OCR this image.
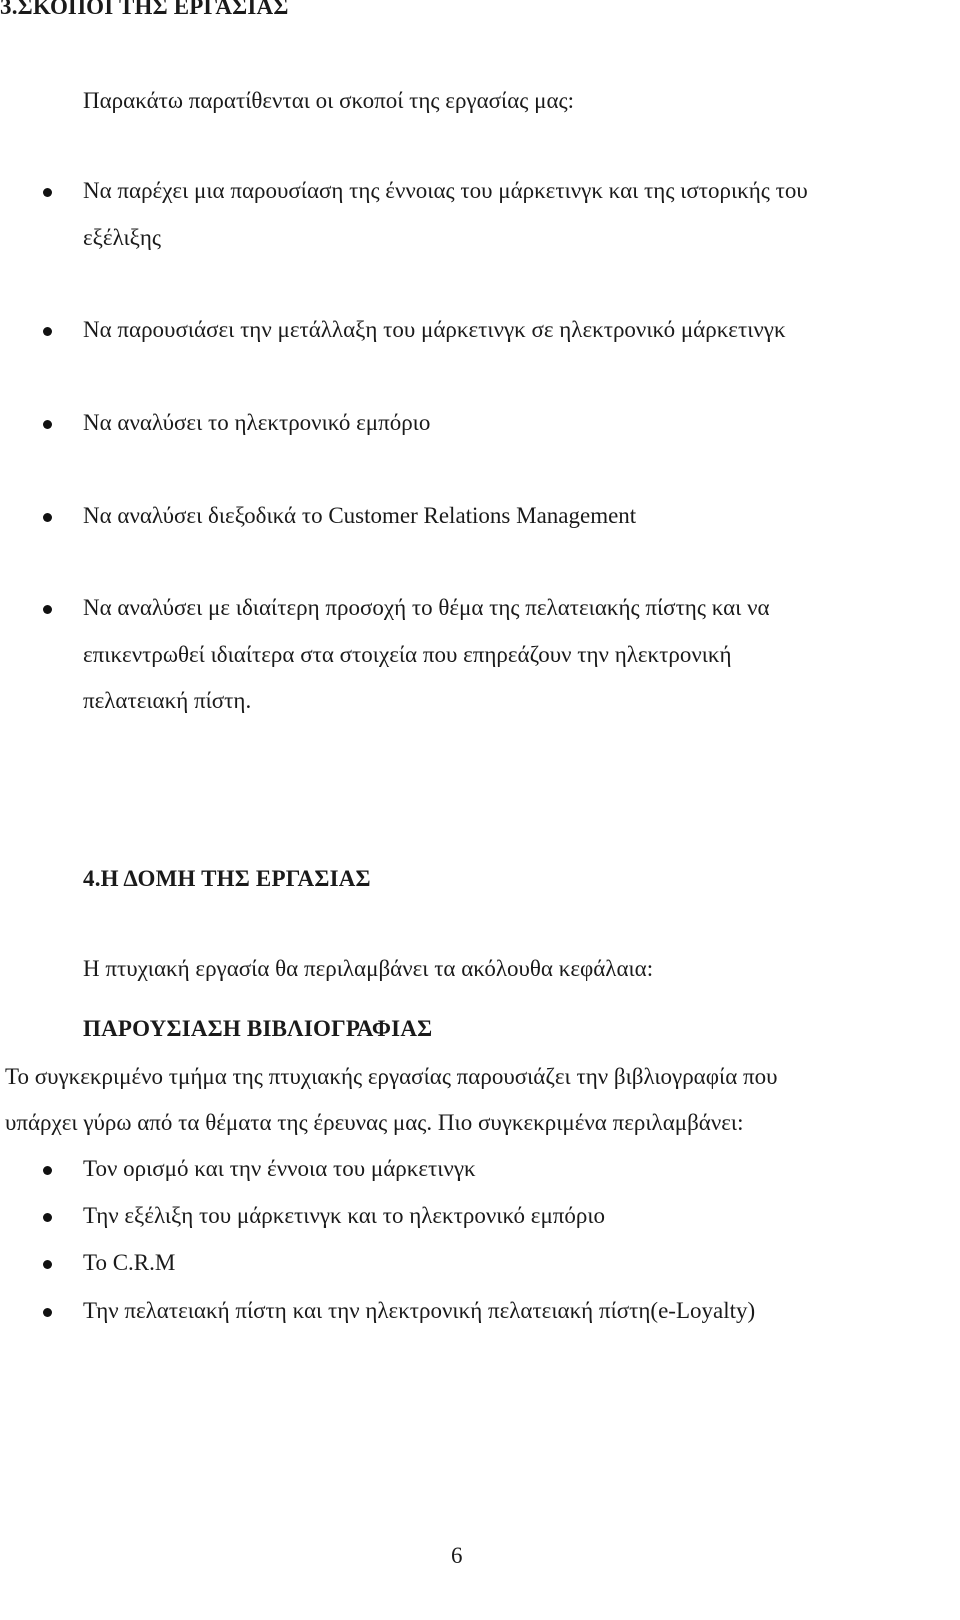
3.ΣΚΟΠΟΙ ΤΗΣ ΕΡΓΑΣΙΑΣ
Παρακάτω παρατίθενται οι σκοποί της εργασίας μας:
Να παρέχει μια παρουσίαση της έννοιας του μάρκετινγκ και της ιστορικής του
εξέλιξης
Να παρουσιάσει την μετάλλαξη του μάρκετινγκ σε ηλεκτρονικό μάρκετινγκ
Να αναλύσει το ηλεκτρονικό εμπόριο
Να αναλύσει διεξοδικά το Customer Relations Management
Να αναλύσει με ιδιαίτερη προσοχή το θέμα της πελατειακής πίστης και να
επικεντρωθεί ιδιαίτερα στα στοιχεία που επηρεάζουν την ηλεκτρονική
πελατειακή πίστη.
4.Η ΔΟΜΗ ΤΗΣ ΕΡΓΑΣΙΑΣ
Η πτυχιακή εργασία θα περιλαμβάνει τα ακόλουθα κεφάλαια:
ΠΑΡΟΥΣΙΑΣΗ ΒΙΒΛΙΟΓΡΑΦΙΑΣ
Το συγκεκριμένο τμήμα της πτυχιακής εργασίας παρουσιάζει την βιβλιογραφία που
υπάρχει γύρω από τα θέματα της έρευνας μας. Πιο συγκεκριμένα περιλαμβάνει:
Τον ορισμό και την έννοια του μάρκετινγκ
Την εξέλιξη του μάρκετινγκ και το ηλεκτρονικό εμπόριο
Το C.R.M
Την πελατειακή πίστη και την ηλεκτρονική πελατειακή πίστη(e-Loyalty)
6
